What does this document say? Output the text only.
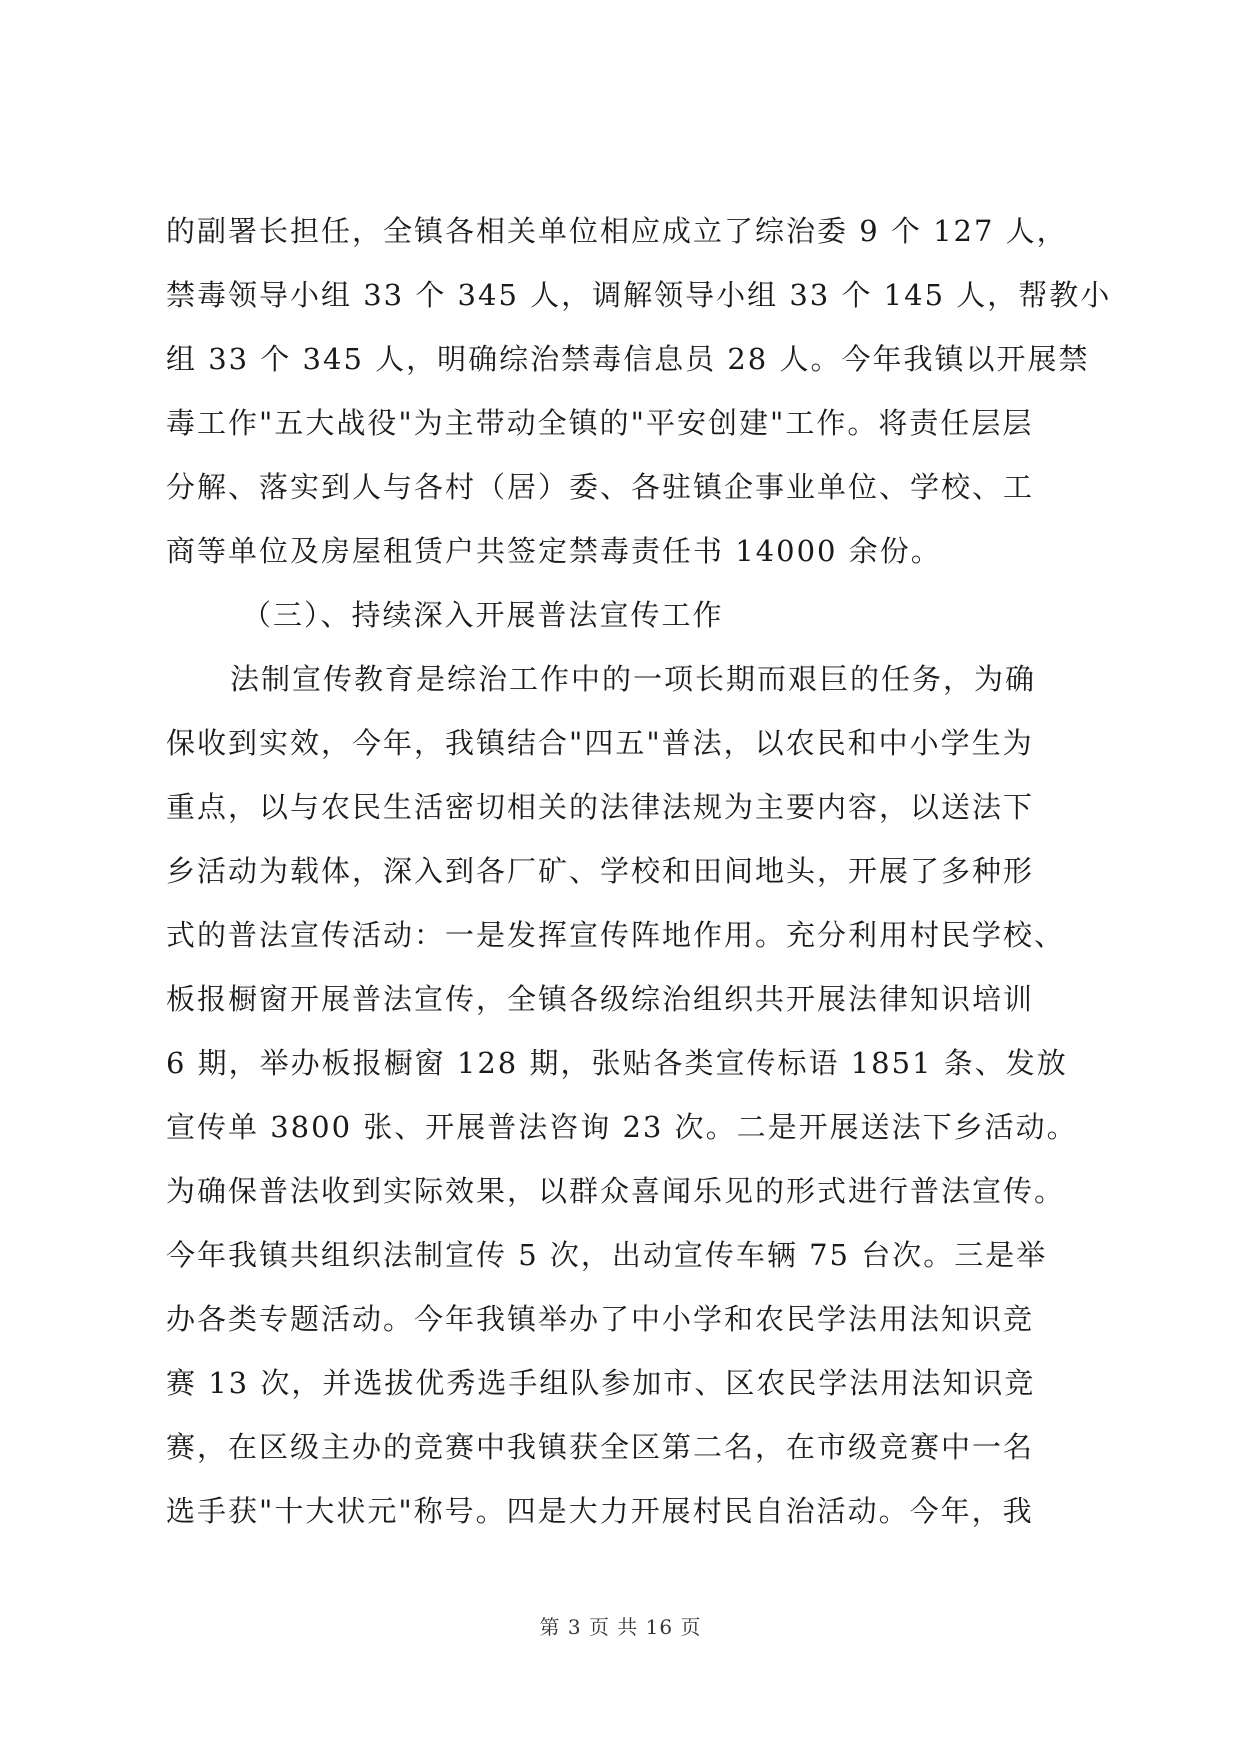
的副署长担任，全镇各相关单位相应成立了综治委 9 个 127 人，
禁毒领导小组 33 个 345 人，调解领导小组 33 个 145 人，帮教小
组 33 个 345 人，明确综治禁毒信息员 28 人。今年我镇以开展禁
毒工作"五大战役"为主带动全镇的"平安创建"工作。将责任层层
分解、落实到人与各村（居）委、各驻镇企事业单位、学校、工
商等单位及房屋租赁户共签定禁毒责任书 14000 余份。
（三）、持续深入开展普法宣传工作
法制宣传教育是综治工作中的一项长期而艰巨的任务，为确
保收到实效，今年，我镇结合"四五"普法，以农民和中小学生为
重点，以与农民生活密切相关的法律法规为主要内容，以送法下
乡活动为载体，深入到各厂矿、学校和田间地头，开展了多种形
式的普法宣传活动：一是发挥宣传阵地作用。充分利用村民学校、
板报橱窗开展普法宣传，全镇各级综治组织共开展法律知识培训
6 期，举办板报橱窗 128 期，张贴各类宣传标语 1851 条、发放
宣传单 3800 张、开展普法咨询 23 次。二是开展送法下乡活动。
为确保普法收到实际效果，以群众喜闻乐见的形式进行普法宣传。
今年我镇共组织法制宣传 5 次，出动宣传车辆 75 台次。三是举
办各类专题活动。今年我镇举办了中小学和农民学法用法知识竞
赛 13 次，并选拔优秀选手组队参加市、区农民学法用法知识竞
赛，在区级主办的竞赛中我镇获全区第二名，在市级竞赛中一名
选手获"十大状元"称号。四是大力开展村民自治活动。今年，我
第 3 页 共 16 页
